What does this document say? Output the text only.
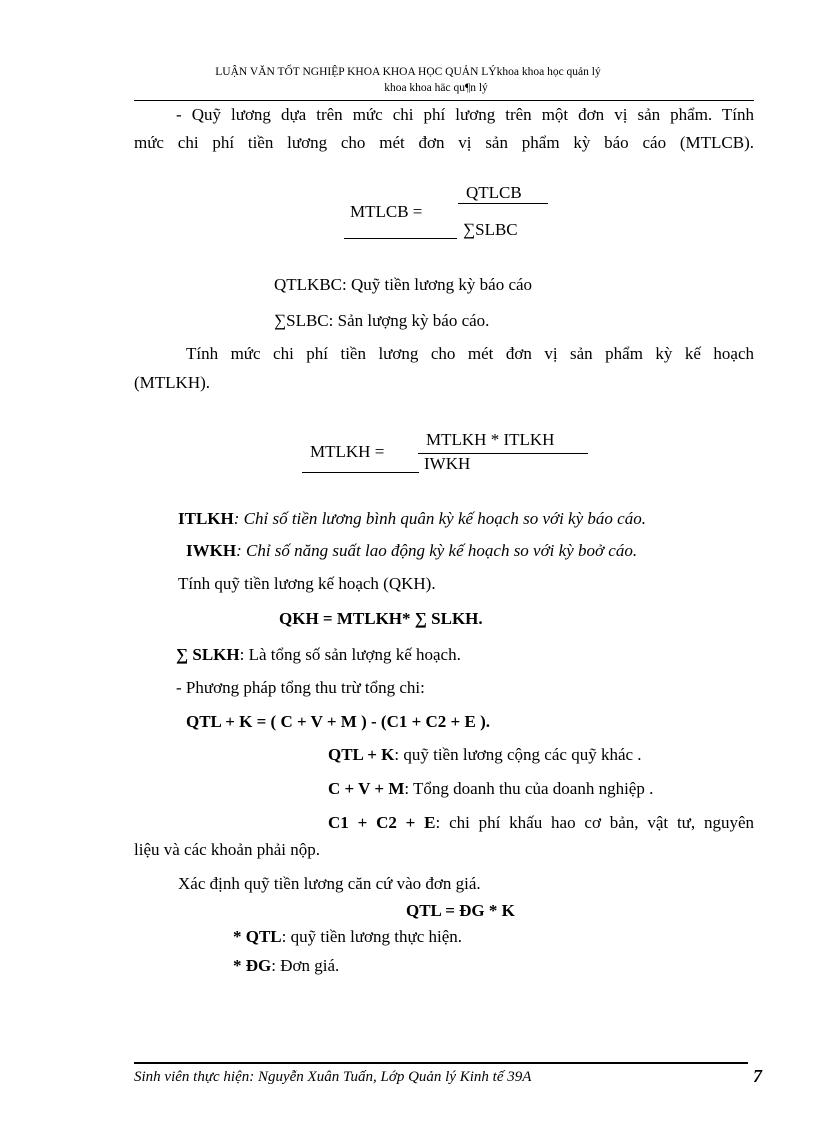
LUẬN VĂN TỐT NGHIỆP KHOA KHOA HỌC QUẢN LÝkhoa khoa học quản lý
khoa khoa häc qu¶n lý
- Quỹ lương dựa trên mức chi phí lương trên một đơn vị sản phẩm. Tính
mức chi phí tiền lương cho mét đơn vị sản phẩm kỳ báo cáo (MTLCB).
MTLCB =
QTLCB
∑SLBC
QTLKBC: Quỹ tiền lương kỳ báo cáo
∑SLBC: Sản lượng kỳ báo cáo.
Tính mức chi phí tiền lương cho mét đơn vị sản phẩm kỳ kế hoạch
(MTLKH).
MTLKH =
MTLKH * ITLKH
IWKH
ITLKH: Chỉ số tiền lương bình quân kỳ kế hoạch so với kỳ báo cáo.
IWKH: Chỉ số năng suất lao động kỳ kế hoạch so với kỳ boở cáo.
Tính quỹ tiền lương kế hoạch (QKH).
QKH = MTLKH* ∑ SLKH.
∑ SLKH: Là tổng số sản lượng kế hoạch.
- Phương pháp tổng thu trừ tổng chi:
QTL + K = ( C + V + M ) - (C1 + C2 + E ).
QTL + K: quỹ tiền lương cộng các quỹ khác .
C + V + M: Tổng doanh thu của doanh nghiệp .
C1 + C2 + E: chi phí khấu hao cơ bản, vật tư, nguyên
liệu và các khoản phải nộp.
Xác định quỹ tiền lương căn cứ vào đơn giá.
QTL = ĐG * K
* QTL: quỹ tiền lương thực hiện.
* ĐG: Đơn giá.
Sinh viên thực hiện: Nguyễn Xuân Tuấn, Lớp Quản lý Kinh tế 39A	7
